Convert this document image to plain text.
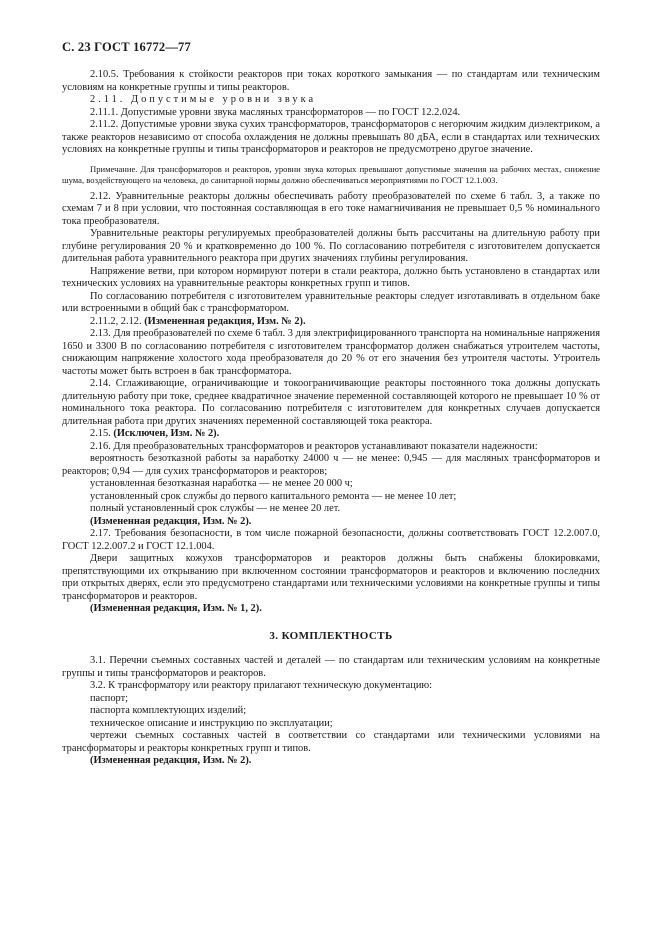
С. 23 ГОСТ 16772—77

2.10.5. Требования к стойкости реакторов при токах короткого замыкания — по стандартам или техническим условиям на конкретные группы и типы реакторов.

2.11. Допустимые уровни звука

2.11.1. Допустимые уровни звука масляных трансформаторов — по ГОСТ 12.2.024.

2.11.2. Допустимые уровни звука сухих трансформаторов, трансформаторов с негорючим жидким диэлектриком, а также реакторов независимо от способа охлаждения не должны превышать 80 дБА, если в стандартах или технических условиях на конкретные группы и типы трансформаторов и реакторов не предусмотрено другое значение.

Примечание. Для трансформаторов и реакторов, уровни звука которых превышают допустимые значения на рабочих местах, снижение шума, воздействующего на человека, до санитарной нормы должно обеспечиваться мероприятиями по ГОСТ 12.1.003.

2.12. Уравнительные реакторы должны обеспечивать работу преобразователей по схеме 6 табл. 3, а также по схемам 7 и 8 при условии, что постоянная составляющая в его токе намагничивания не превышает 0,5 % номинального тока преобразователя.

Уравнительные реакторы регулируемых преобразователей должны быть рассчитаны на длительную работу при глубине регулирования 20 % и кратковременно до 100 %. По согласованию потребителя с изготовителем допускается длительная работа уравнительного реактора при других значениях глубины регулирования.

Напряжение ветви, при котором нормируют потери в стали реактора, должно быть установлено в стандартах или технических условиях на уравнительные реакторы конкретных групп и типов.

По согласованию потребителя с изготовителем уравнительные реакторы следует изготавливать в отдельном баке или встроенными в общий бак с трансформатором.

2.11.2, 2.12. (Измененная редакция, Изм. № 2).

2.13. Для преобразователей по схеме 6 табл. 3 для электрифицированного транспорта на номинальные напряжения 1650 и 3300 В по согласованию потребителя с изготовителем трансформатор должен снабжаться утроителем частоты, снижающим напряжение холостого хода преобразователя до 20 % от его значения без утроителя частоты. Утроитель частоты может быть встроен в бак трансформатора.

2.14. Сглаживающие, ограничивающие и токоограничивающие реакторы постоянного тока должны допускать длительную работу при токе, среднее квадратичное значение переменной составляющей которого не превышает 10 % от номинального тока реактора. По согласованию потребителя с изготовителем для конкретных случаев допускается длительная работа при других значениях переменной составляющей тока реактора.

2.15. (Исключен, Изм. № 2).

2.16. Для преобразовательных трансформаторов и реакторов устанавливают показатели надежности:

вероятность безотказной работы за наработку 24000 ч — не менее: 0,945 — для масляных трансформаторов и реакторов; 0,94 — для сухих трансформаторов и реакторов;

установленная безотказная наработка — не менее 20 000 ч;

установленный срок службы до первого капитального ремонта — не менее 10 лет;

полный установленный срок службы — не менее 20 лет.

(Измененная редакция, Изм. № 2).

2.17. Требования безопасности, в том числе пожарной безопасности, должны соответствовать ГОСТ 12.2.007.0, ГОСТ 12.2.007.2 и ГОСТ 12.1.004.

Двери защитных кожухов трансформаторов и реакторов должны быть снабжены блокировками, препятствующими их открыванию при включенном состоянии трансформаторов и реакторов и включению последних при открытых дверях, если это предусмотрено стандартами или техническими условиями на конкретные группы и типы трансформаторов и реакторов.

(Измененная редакция, Изм. № 1, 2).

3. КОМПЛЕКТНОСТЬ

3.1. Перечни съемных составных частей и деталей — по стандартам или техническим условиям на конкретные группы и типы трансформаторов и реакторов.

3.2. К трансформатору или реактору прилагают техническую документацию:

паспорт;

паспорта комплектующих изделий;

техническое описание и инструкцию по эксплуатации;

чертежи съемных составных частей в соответствии со стандартами или техническими условиями на трансформаторы и реакторы конкретных групп и типов.

(Измененная редакция, Изм. № 2).
